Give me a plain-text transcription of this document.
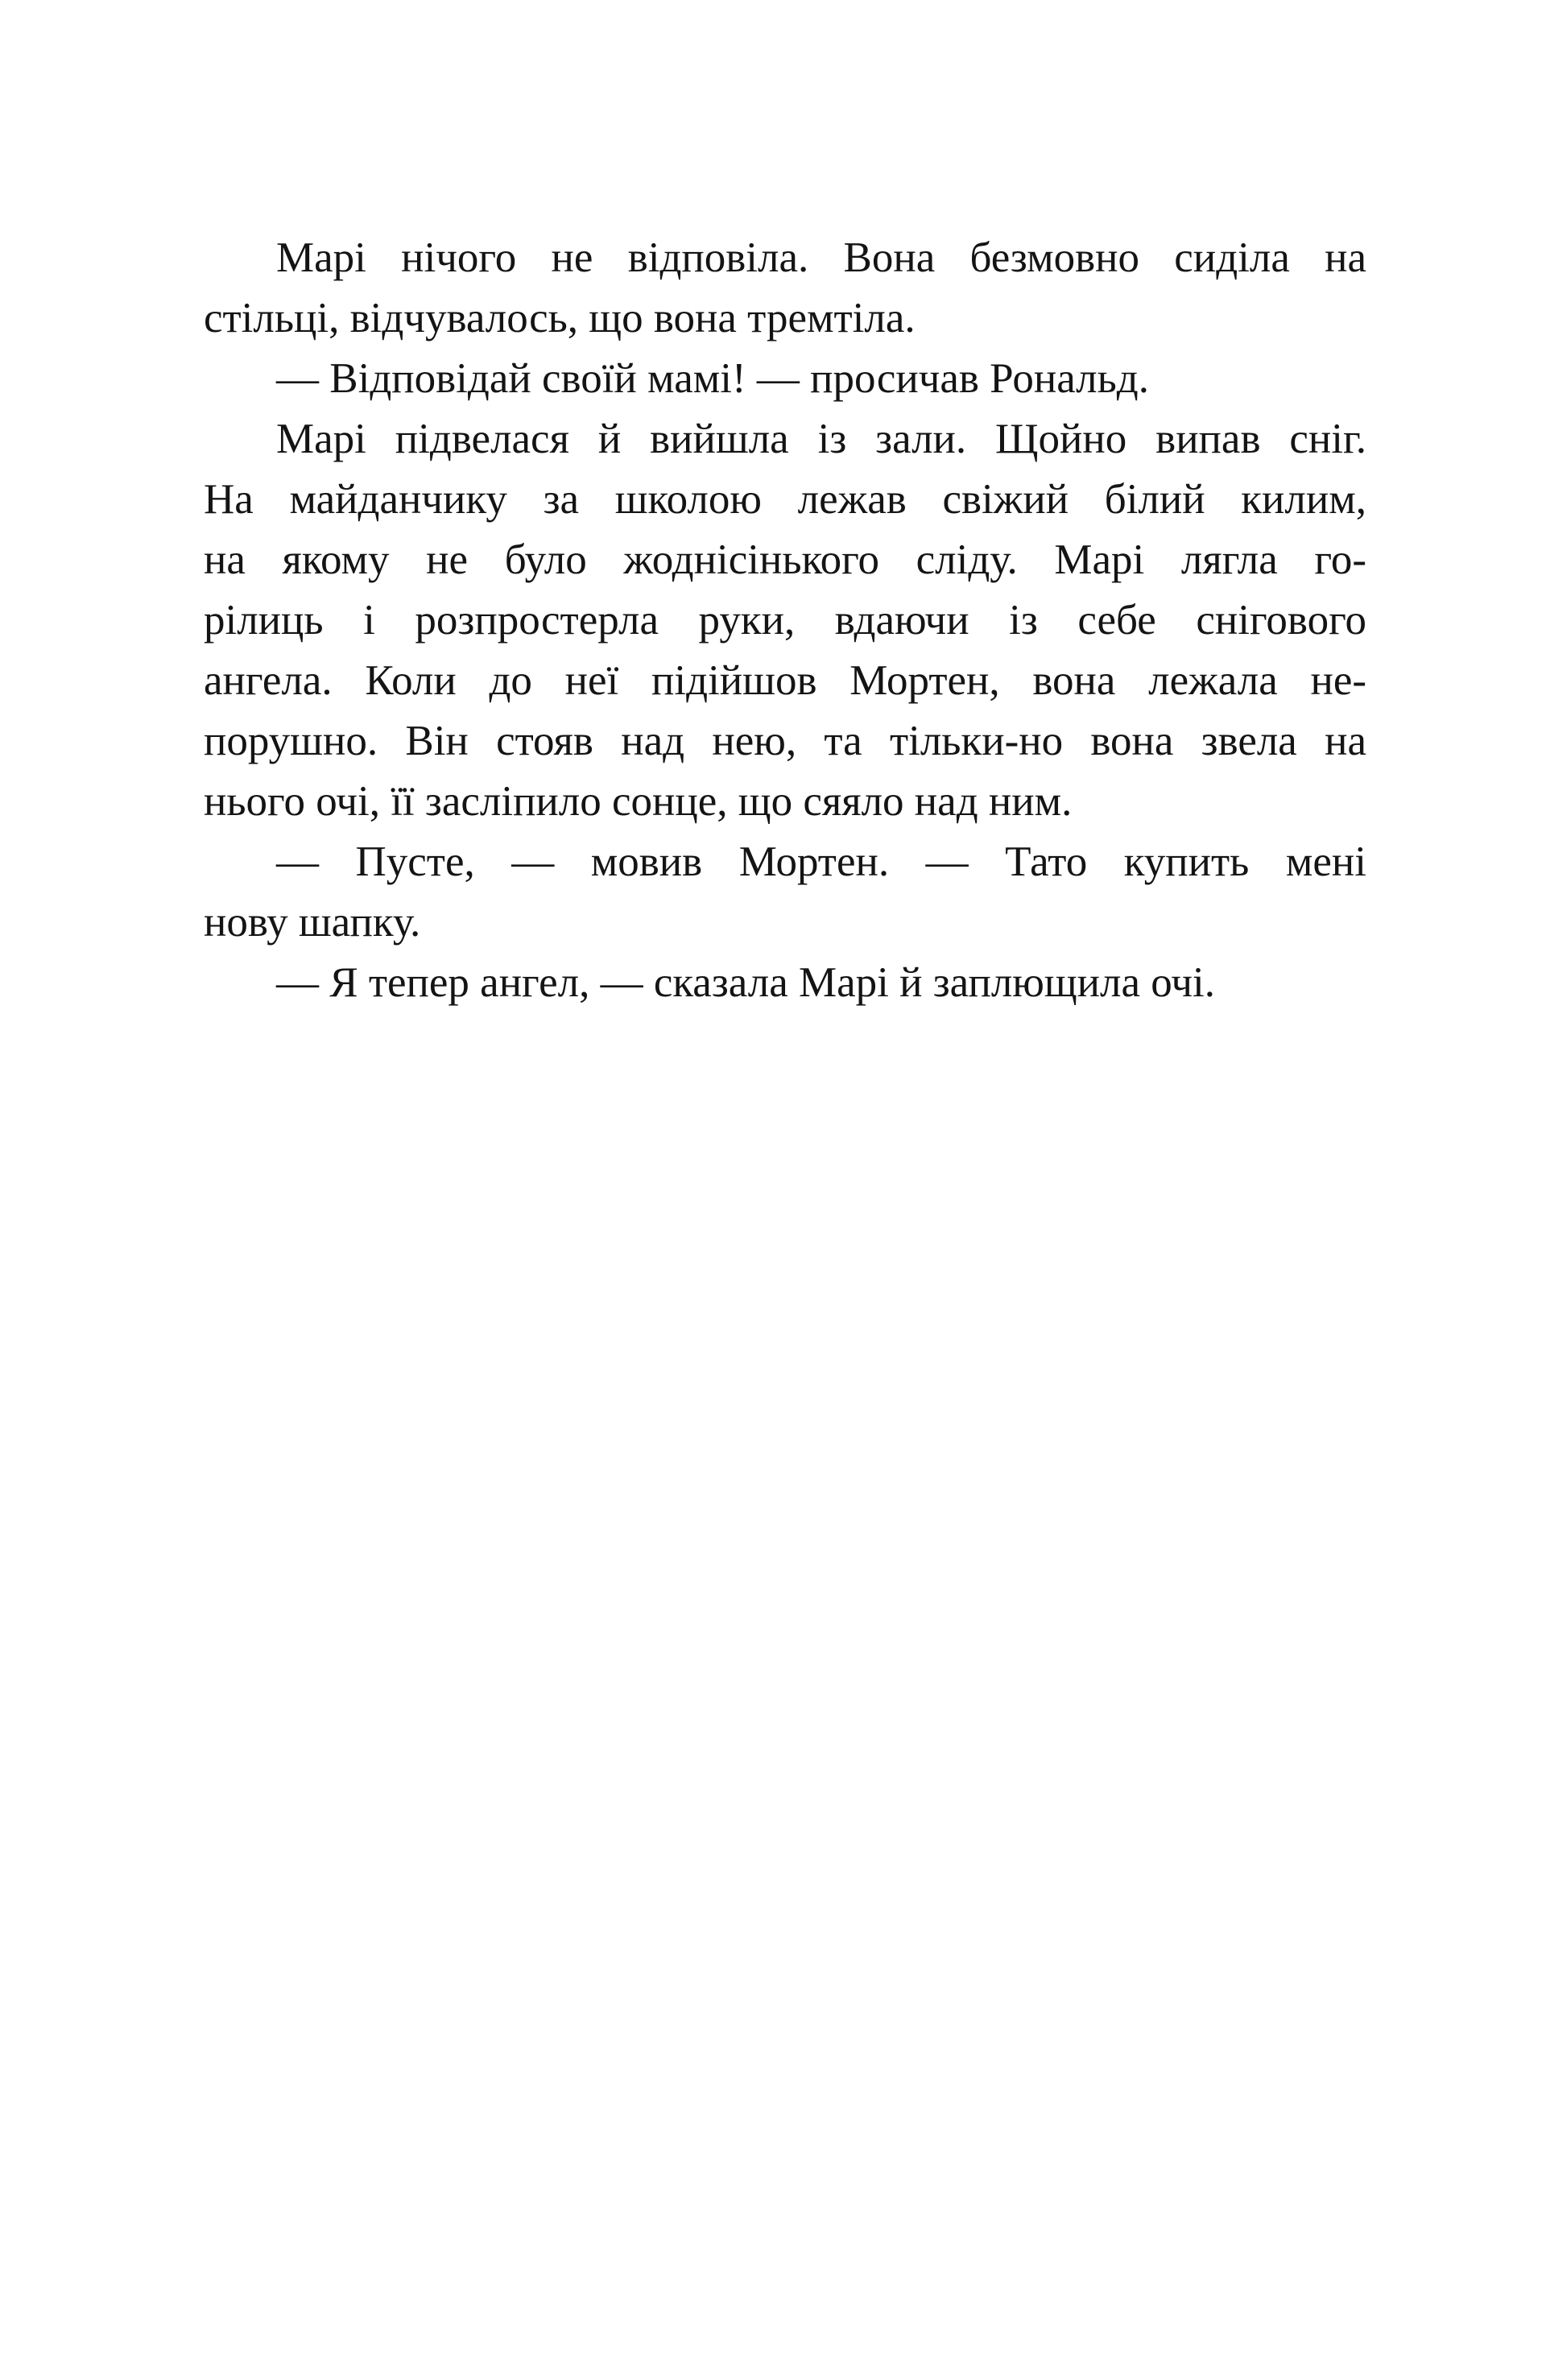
Марі нічого не відповіла. Вона безмовно сиділа на
стільці, відчувалось, що вона тремтіла.
— Відповідай своїй мамі! — просичав Рональд.
Марі підвелася й вийшла із зали. Щойно випав сніг.
На майданчику за школою лежав свіжий білий килим,
на якому не було жоднісінького сліду. Марі лягла го-
рілиць і розпростерла руки, вдаючи із себе снігового
ангела. Коли до неї підійшов Мортен, вона лежала не-
порушно. Він стояв над нею, та тільки-но вона звела на
нього очі, її засліпило сонце, що сяяло над ним.
— Пусте, — мовив Мортен. — Тато купить мені
нову шапку.
— Я тепер ангел, — сказала Марі й заплющила очі.
